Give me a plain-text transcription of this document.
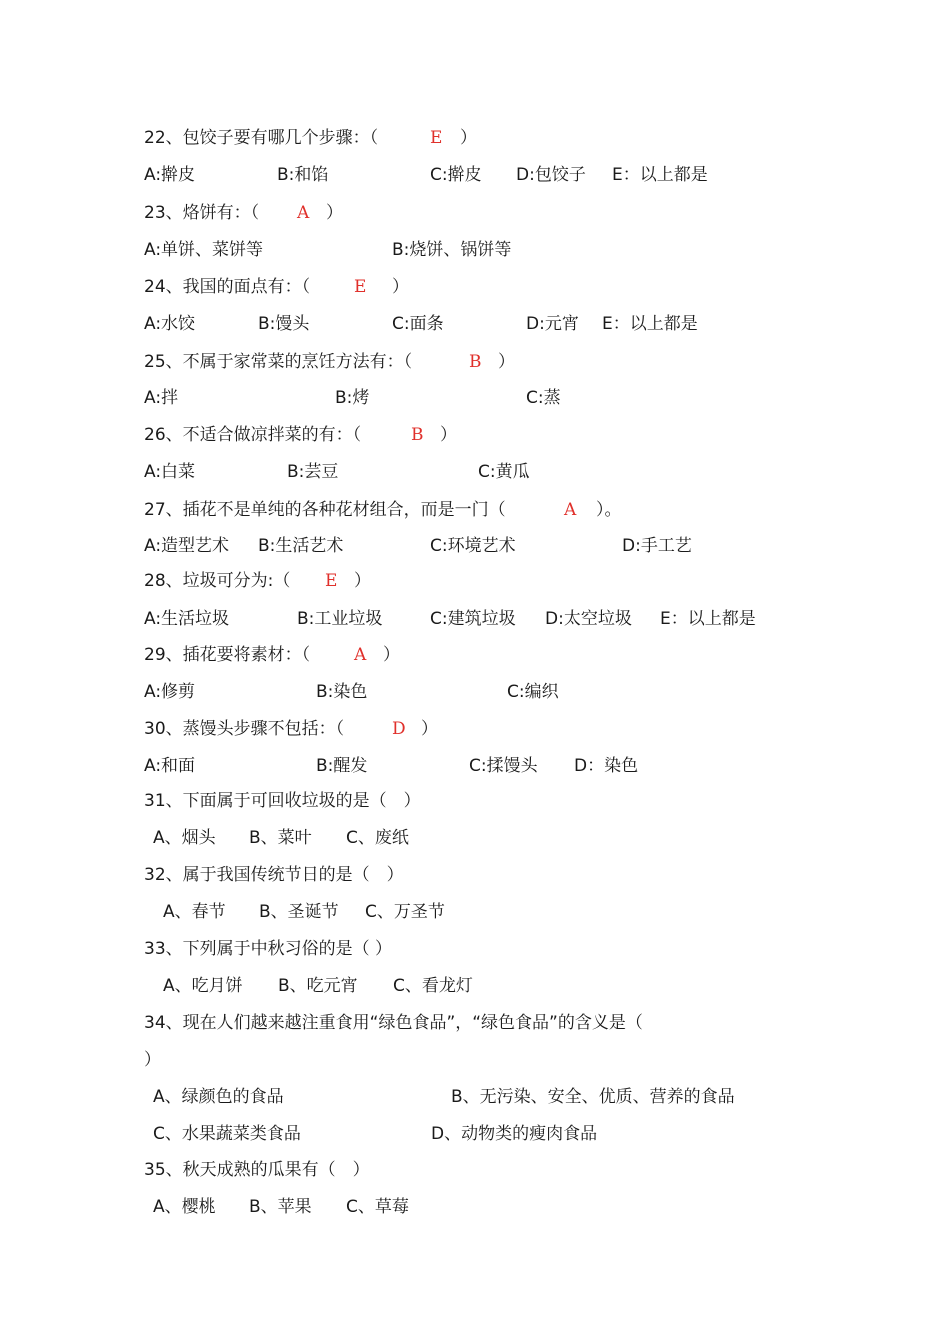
22、包饺子要有哪几个步骤：（

	E

）

A:擀皮

	B:和馅

	C:擀皮

D:包饺子

E：以上都是

23、烙饼有：（

A

）

A:单饼、菜饼等

	B:烧饼、锅饼等

24、我国的面点有：（

	E

）

A:水饺

	B:馒头

	C:面条

	D:元宵

E：以上都是

25、不属于家常菜的烹饪方法有：（

	B

）

A:拌

	B:烤

	C:蒸

26、不适合做凉拌菜的有：（

	B

）

A:白菜

	B:芸豆

	C:黄瓜

27、插花不是单纯的各种花材组合，而是一门（

	A

）。

A:造型艺术

B:生活艺术

	C:环境艺术

	D:手工艺

28、垃圾可分为:（

E

）

A:生活垃圾

	B:工业垃圾

	C:建筑垃圾

D:太空垃圾

E：以上都是

29、插花要将素材：（

	A

）

A:修剪

	B:染色

	C:编织

30、蒸馒头步骤不包括：（

	D

）

A:和面

	B:醒发

	C:揉馒头

D：染色

31、下面属于可回收垃圾的是（　）

A、烟头

B、菜叶

C、废纸

32、属于我国传统节日的是（　）

A、春节

B、圣诞节

C、万圣节

33、下列属于中秋习俗的是（ ）

A、吃月饼

B、吃元宵

C、看龙灯

34、现在人们越来越注重食用“绿色食品”，“绿色食品”的含义是（

）

A、绿颜色的食品

	B、无污染、安全、优质、营养的食品

C、水果蔬菜类食品

	D、动物类的瘦肉食品

35、秋天成熟的瓜果有（　）

A、樱桃

B、苹果

C、草莓
